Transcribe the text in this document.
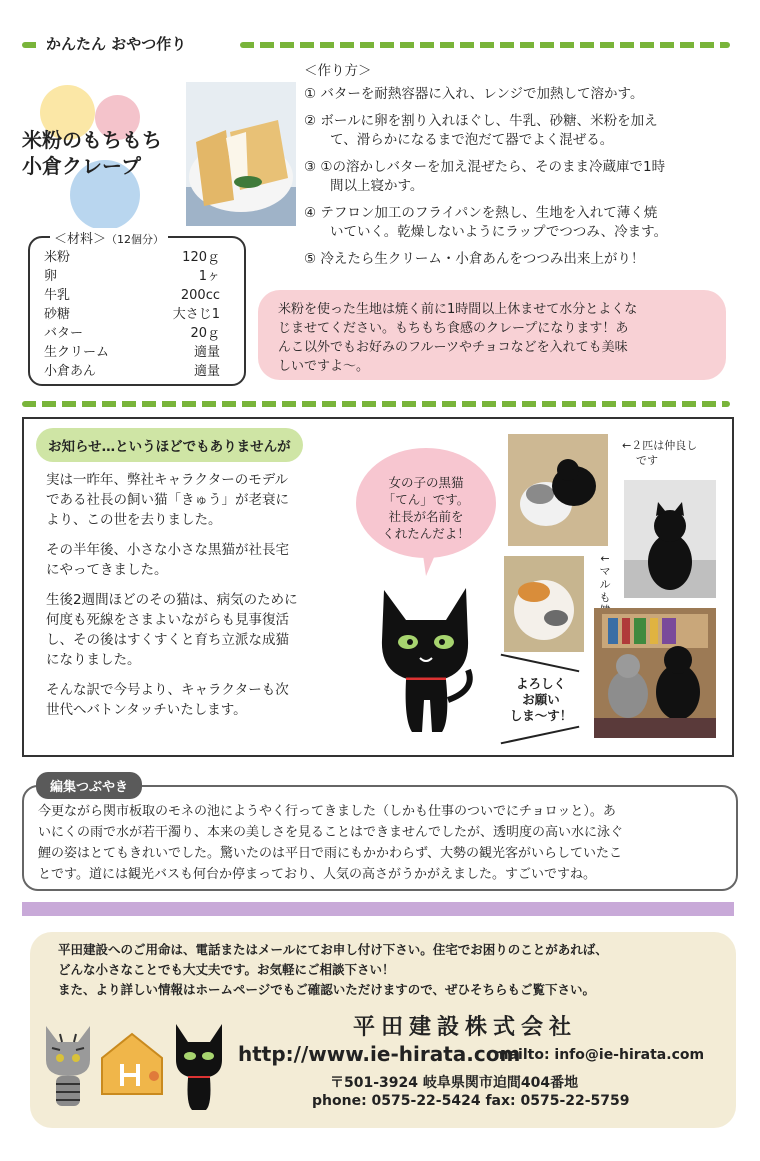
かんたん おやつ作り
米粉のもちもち
小倉クレープ
＜作り方＞
① バターを耐熱容器に入れ、レンジで加熱して溶かす。
② ボールに卵を割り入れほぐし、牛乳、砂糖、米粉を加え
て、滑らかになるまで泡だて器でよく混ぜる。
③ ①の溶かしバターを加え混ぜたら、そのまま冷蔵庫で1時
間以上寝かす。
④ テフロン加工のフライパンを熱し、生地を入れて薄く焼
いていく。乾燥しないようにラップでつつみ、冷ます。
⑤ 冷えたら生クリーム・小倉あんをつつみ出来上がり！
＜材料＞（12個分）
米粉	120ｇ
卵	1ヶ
牛乳	200cc
砂糖	大さじ1
バター	20ｇ
生クリーム	適量
小倉あん	適量
米粉を使った生地は焼く前に1時間以上休ませて水分とよくな
じませてください。もちもち食感のクレープになります！あ
んこ以外でもお好みのフルーツやチョコなどを入れても美味
しいですよ～。
お知らせ…というほどでもありませんが

実は一昨年、弊社キャラクターのモデル
である社長の飼い猫「きゅう」が老衰に
より、この世を去りました。

その半年後、小さな小さな黒猫が社長宅
にやってきました。

生後2週間ほどのその猫は、病気のために
何度も死線をさまよいながらも見事復活
し、その後はすくすくと育ち立派な成猫
になりました。

そんな訳で今号より、キャラクターも次
世代へバトンタッチいたします。

女の子の黒猫
「てん」です。
社長が名前を
くれたんだよ！
よろしく
お願い
しま～す！
←２匹は仲良し
です
←
マ
ル
も
今更ながら関市板取のモネの池にようやく行ってきました（しかも仕事のついでにチョロッと）。あ
いにくの雨で水が若干濁り、本来の美しさを見ることはできませんでしたが、透明度の高い水に泳ぐ
鯉の姿はとてもきれいでした。驚いたのは平日で雨にもかかわらず、大勢の観光客がいらしていたこ
とです。道には観光バスも何台か停まっており、人気の高さがうかがえました。すごいですね。
編集つぶやき
平田建設へのご用命は、電話またはメールにてお申し付け下さい。住宅でお困りのことがあれば、
どんな小さなことでも大丈夫です。お気軽にご相談下さい！
また、より詳しい情報はホームページでもご確認いただけますので、ぜひそちらもご覧下さい。
平田建設株式会社
http://www.ie-hirata.com
mailto: info@ie-hirata.com
〒501-3924 岐阜県関市迫間404番地
phone: 0575-22-5424 fax: 0575-22-5759
